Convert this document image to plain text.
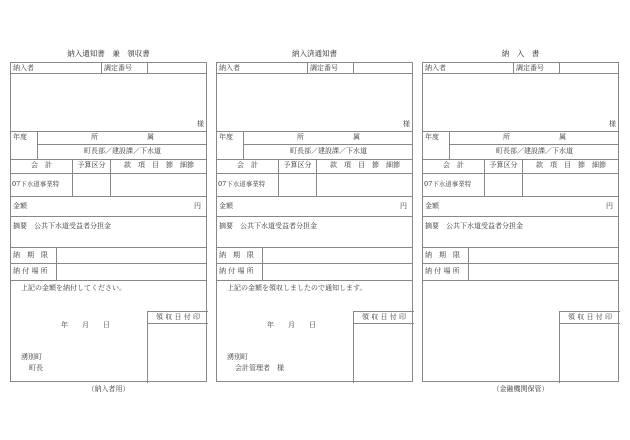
納入通知書　兼　領収書
納入者	調定番号
様
年度	所　　　　　　　属
町長部／建設課／下水道
会　計	予算区分	款　項　目　節　細節
07下水道事業特
金額	円
摘要　公共下水道受益者分担金
納　期　限
納 付 場 所
上記の金額を納付してください。
年　　月　　日
湧別町
町長
領 収 日 付 印
（納入者用）
納入済通知書
納入者	調定番号
様
年度	所　　　　　　　属
町長部／建設課／下水道
会　計	予算区分	款　項　目　節　細節
07下水道事業特
金額	円
摘要　公共下水道受益者分担金
納　期　限
納 付 場 所
上記の金額を領収しましたので通知します。
年　　月　　日
湧別町
会計管理者　様
領 収 日 付 印
納　入　書
納入者	調定番号
様
年度	所　　　　　　　属
町長部／建設課／下水道
会　計	予算区分	款　項　目　節　細節
07下水道事業特
金額	円
摘要　公共下水道受益者分担金
納　期　限
納 付 場 所
領 収 日 付 印
（金融機関保管）
